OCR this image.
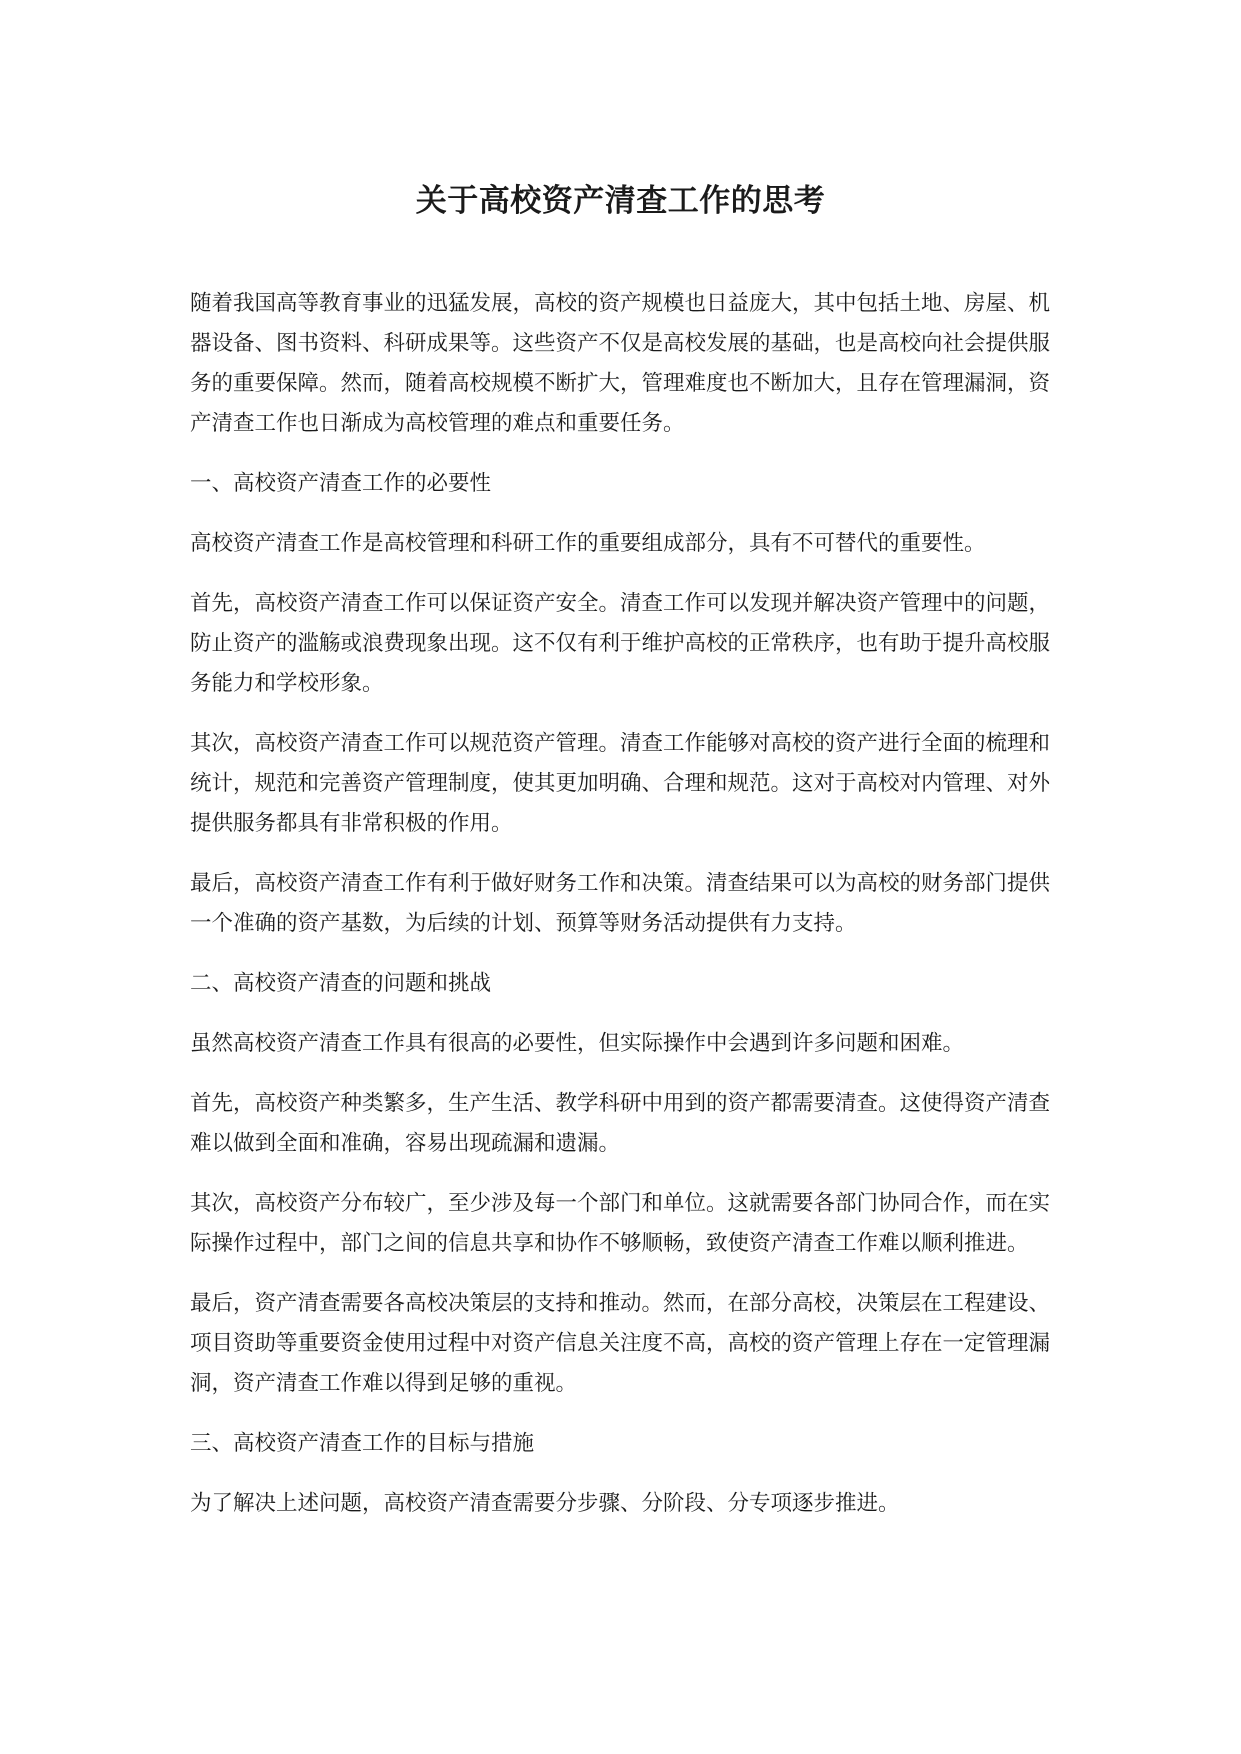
关于高校资产清查工作的思考

随着我国高等教育事业的迅猛发展，高校的资产规模也日益庞大，其中包括土地、房屋、机器设备、图书资料、科研成果等。这些资产不仅是高校发展的基础，也是高校向社会提供服务的重要保障。然而，随着高校规模不断扩大，管理难度也不断加大，且存在管理漏洞，资产清查工作也日渐成为高校管理的难点和重要任务。

一、高校资产清查工作的必要性

高校资产清查工作是高校管理和科研工作的重要组成部分，具有不可替代的重要性。

首先，高校资产清查工作可以保证资产安全。清查工作可以发现并解决资产管理中的问题，防止资产的滥觞或浪费现象出现。这不仅有利于维护高校的正常秩序，也有助于提升高校服务能力和学校形象。

其次，高校资产清查工作可以规范资产管理。清查工作能够对高校的资产进行全面的梳理和统计，规范和完善资产管理制度，使其更加明确、合理和规范。这对于高校对内管理、对外提供服务都具有非常积极的作用。

最后，高校资产清查工作有利于做好财务工作和决策。清查结果可以为高校的财务部门提供一个准确的资产基数，为后续的计划、预算等财务活动提供有力支持。

二、高校资产清查的问题和挑战

虽然高校资产清查工作具有很高的必要性，但实际操作中会遇到许多问题和困难。

首先，高校资产种类繁多，生产生活、教学科研中用到的资产都需要清查。这使得资产清查难以做到全面和准确，容易出现疏漏和遗漏。

其次，高校资产分布较广，至少涉及每一个部门和单位。这就需要各部门协同合作，而在实际操作过程中，部门之间的信息共享和协作不够顺畅，致使资产清查工作难以顺利推进。

最后，资产清查需要各高校决策层的支持和推动。然而，在部分高校，决策层在工程建设、项目资助等重要资金使用过程中对资产信息关注度不高，高校的资产管理上存在一定管理漏洞，资产清查工作难以得到足够的重视。

三、高校资产清查工作的目标与措施

为了解决上述问题，高校资产清查需要分步骤、分阶段、分专项逐步推进。
